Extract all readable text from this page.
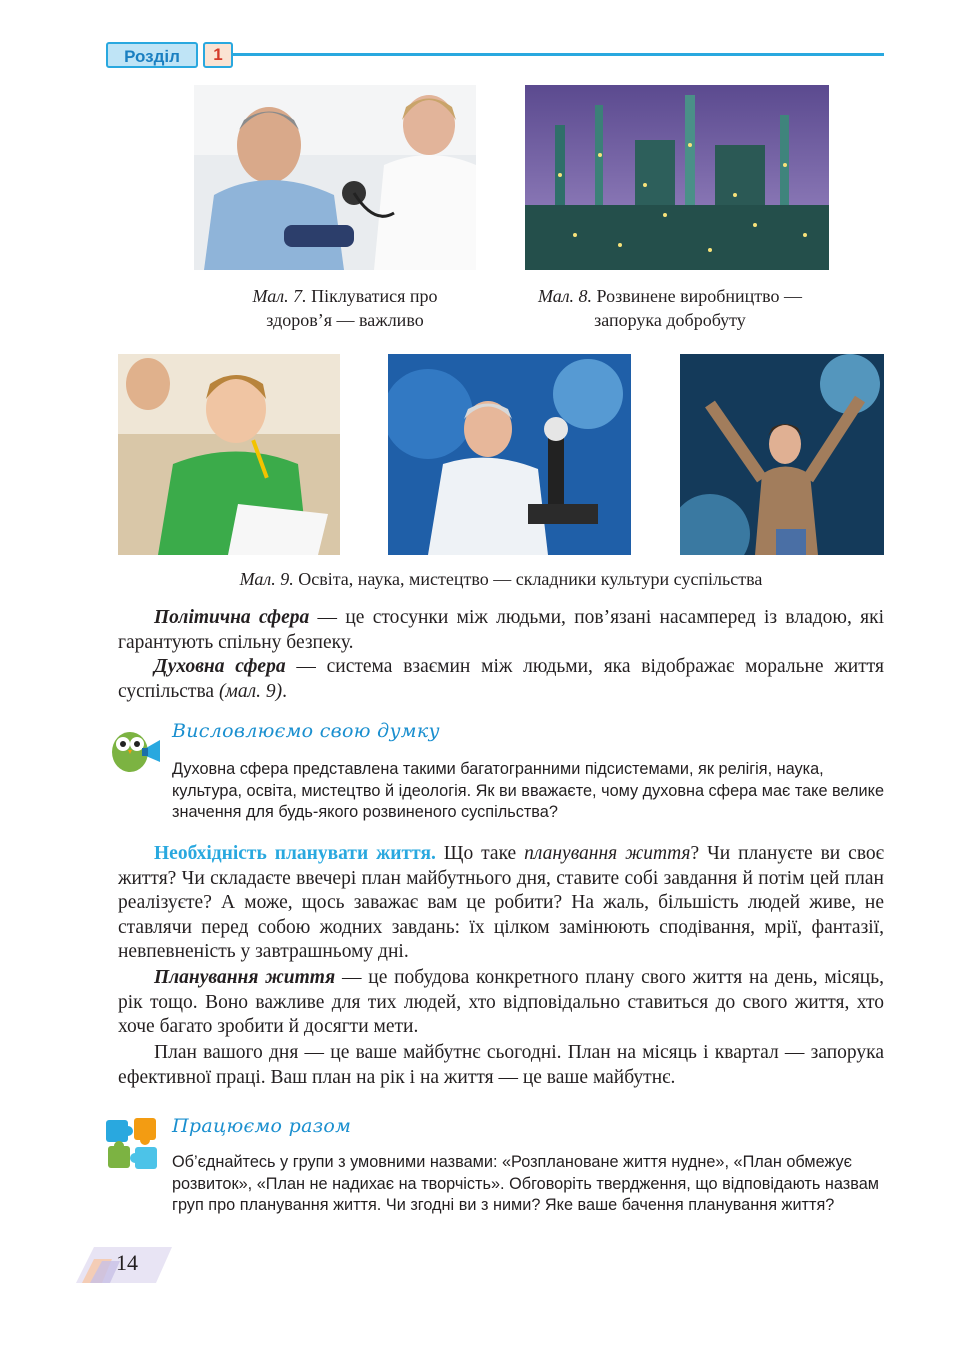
Розділ	1
Мал. 7. Піклуватися про
здоров’я — важливо
Мал. 8. Розвинене виробництво —
запорука добробуту
Мал. 9. Освіта, наука, мистецтво — складники культури суспільства
Політична сфера — це стосунки між людьми, пов’язані насамперед із владою, які гарантують спільну безпеку.
Духовна сфера — система взаємин між людьми, яка відображає моральне життя суспільства (мал. 9).
Висловлюємо свою думку
Духовна сфера представлена такими багатогранними підсистемами, як релігія, наука, культура, освіта, мистецтво й ідеологія. Як ви вважаєте, чому духовна сфера має таке велике значення для будь-якого розвиненого суспільства?
Необхідність планувати життя. Що таке планування життя? Чи плануєте ви своє життя? Чи складаєте ввечері план майбутнього дня, ставите собі завдання й потім цей план реалізуєте? А може, щось заважає вам це робити? На жаль, більшість людей живе, не ставлячи перед собою жодних завдань: їх цілком замінюють сподівання, мрії, фантазії, невпевненість у завтрашньому дні.
Планування життя — це побудова конкретного плану свого життя на день, місяць, рік тощо. Воно важливе для тих людей, хто відповідально ставиться до свого життя, хто хоче багато зробити й досягти мети.
План вашого дня — це ваше майбутнє сьогодні. План на місяць і квартал — запорука ефективної праці. Ваш план на рік і на життя — це ваше майбутнє.
Працюємо разом
Об’єднайтесь у групи з умовними назвами: «Розплановане життя нудне», «План обмежує розвиток», «План не надихає на творчість». Обговоріть твердження, що відповідають назвам груп про планування життя. Чи згодні ви з ними? Яке ваше бачення планування життя?
14
